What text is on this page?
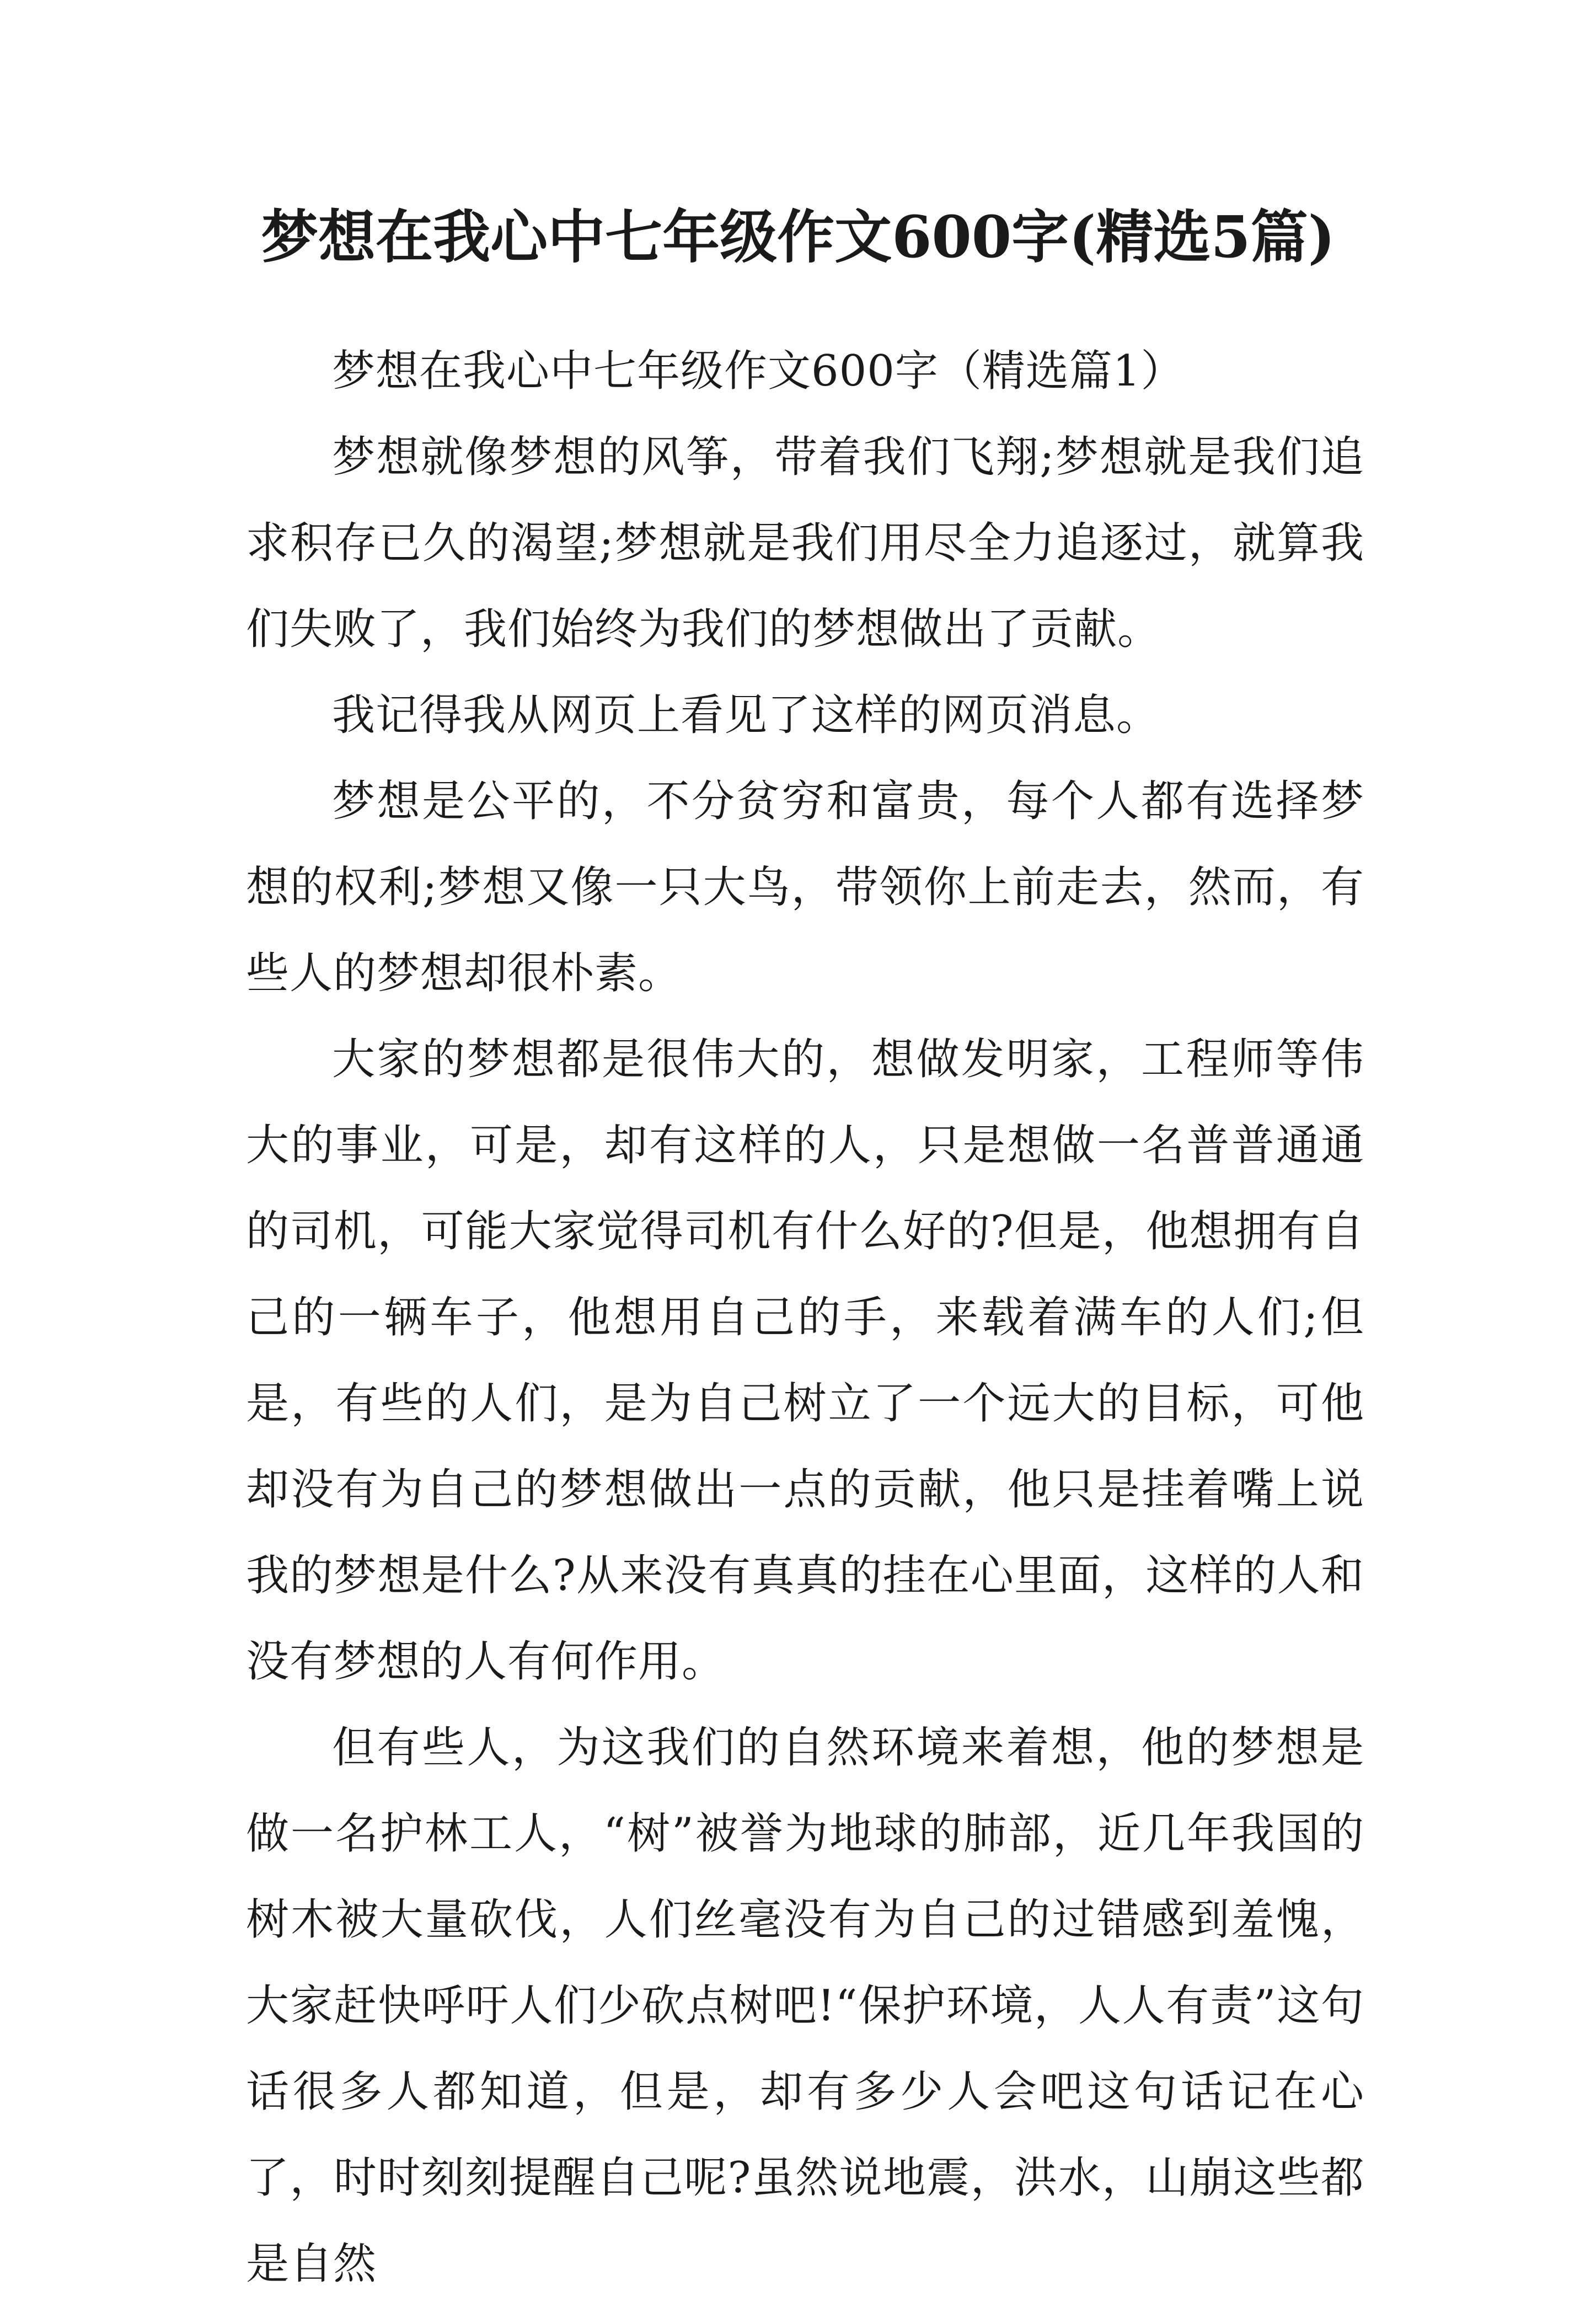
梦想在我心中七年级作文600字(精选5篇)

梦想在我心中七年级作文600字（精选篇1）

梦想就像梦想的风筝，带着我们飞翔;梦想就是我们追求积存已久的渴望;梦想就是我们用尽全力追逐过，就算我们失败了，我们始终为我们的梦想做出了贡献。

我记得我从网页上看见了这样的网页消息。

梦想是公平的，不分贫穷和富贵，每个人都有选择梦想的权利;梦想又像一只大鸟，带领你上前走去，然而，有些人的梦想却很朴素。

大家的梦想都是很伟大的，想做发明家，工程师等伟大的事业，可是，却有这样的人，只是想做一名普普通通的司机，可能大家觉得司机有什么好的?但是，他想拥有自己的一辆车子，他想用自己的手，来载着满车的人们;但是，有些的人们，是为自己树立了一个远大的目标，可他却没有为自己的梦想做出一点的贡献，他只是挂着嘴上说我的梦想是什么?从来没有真真的挂在心里面，这样的人和没有梦想的人有何作用。

但有些人，为这我们的自然环境来着想，他的梦想是做一名护林工人，“树”被誉为地球的肺部，近几年我国的树木被大量砍伐，人们丝毫没有为自己的过错感到羞愧，大家赶快呼吁人们少砍点树吧!“保护环境，人人有责”这句话很多人都知道，但是，却有多少人会吧这句话记在心了，时时刻刻提醒自己呢?虽然说地震，洪水，山崩这些都是自然
